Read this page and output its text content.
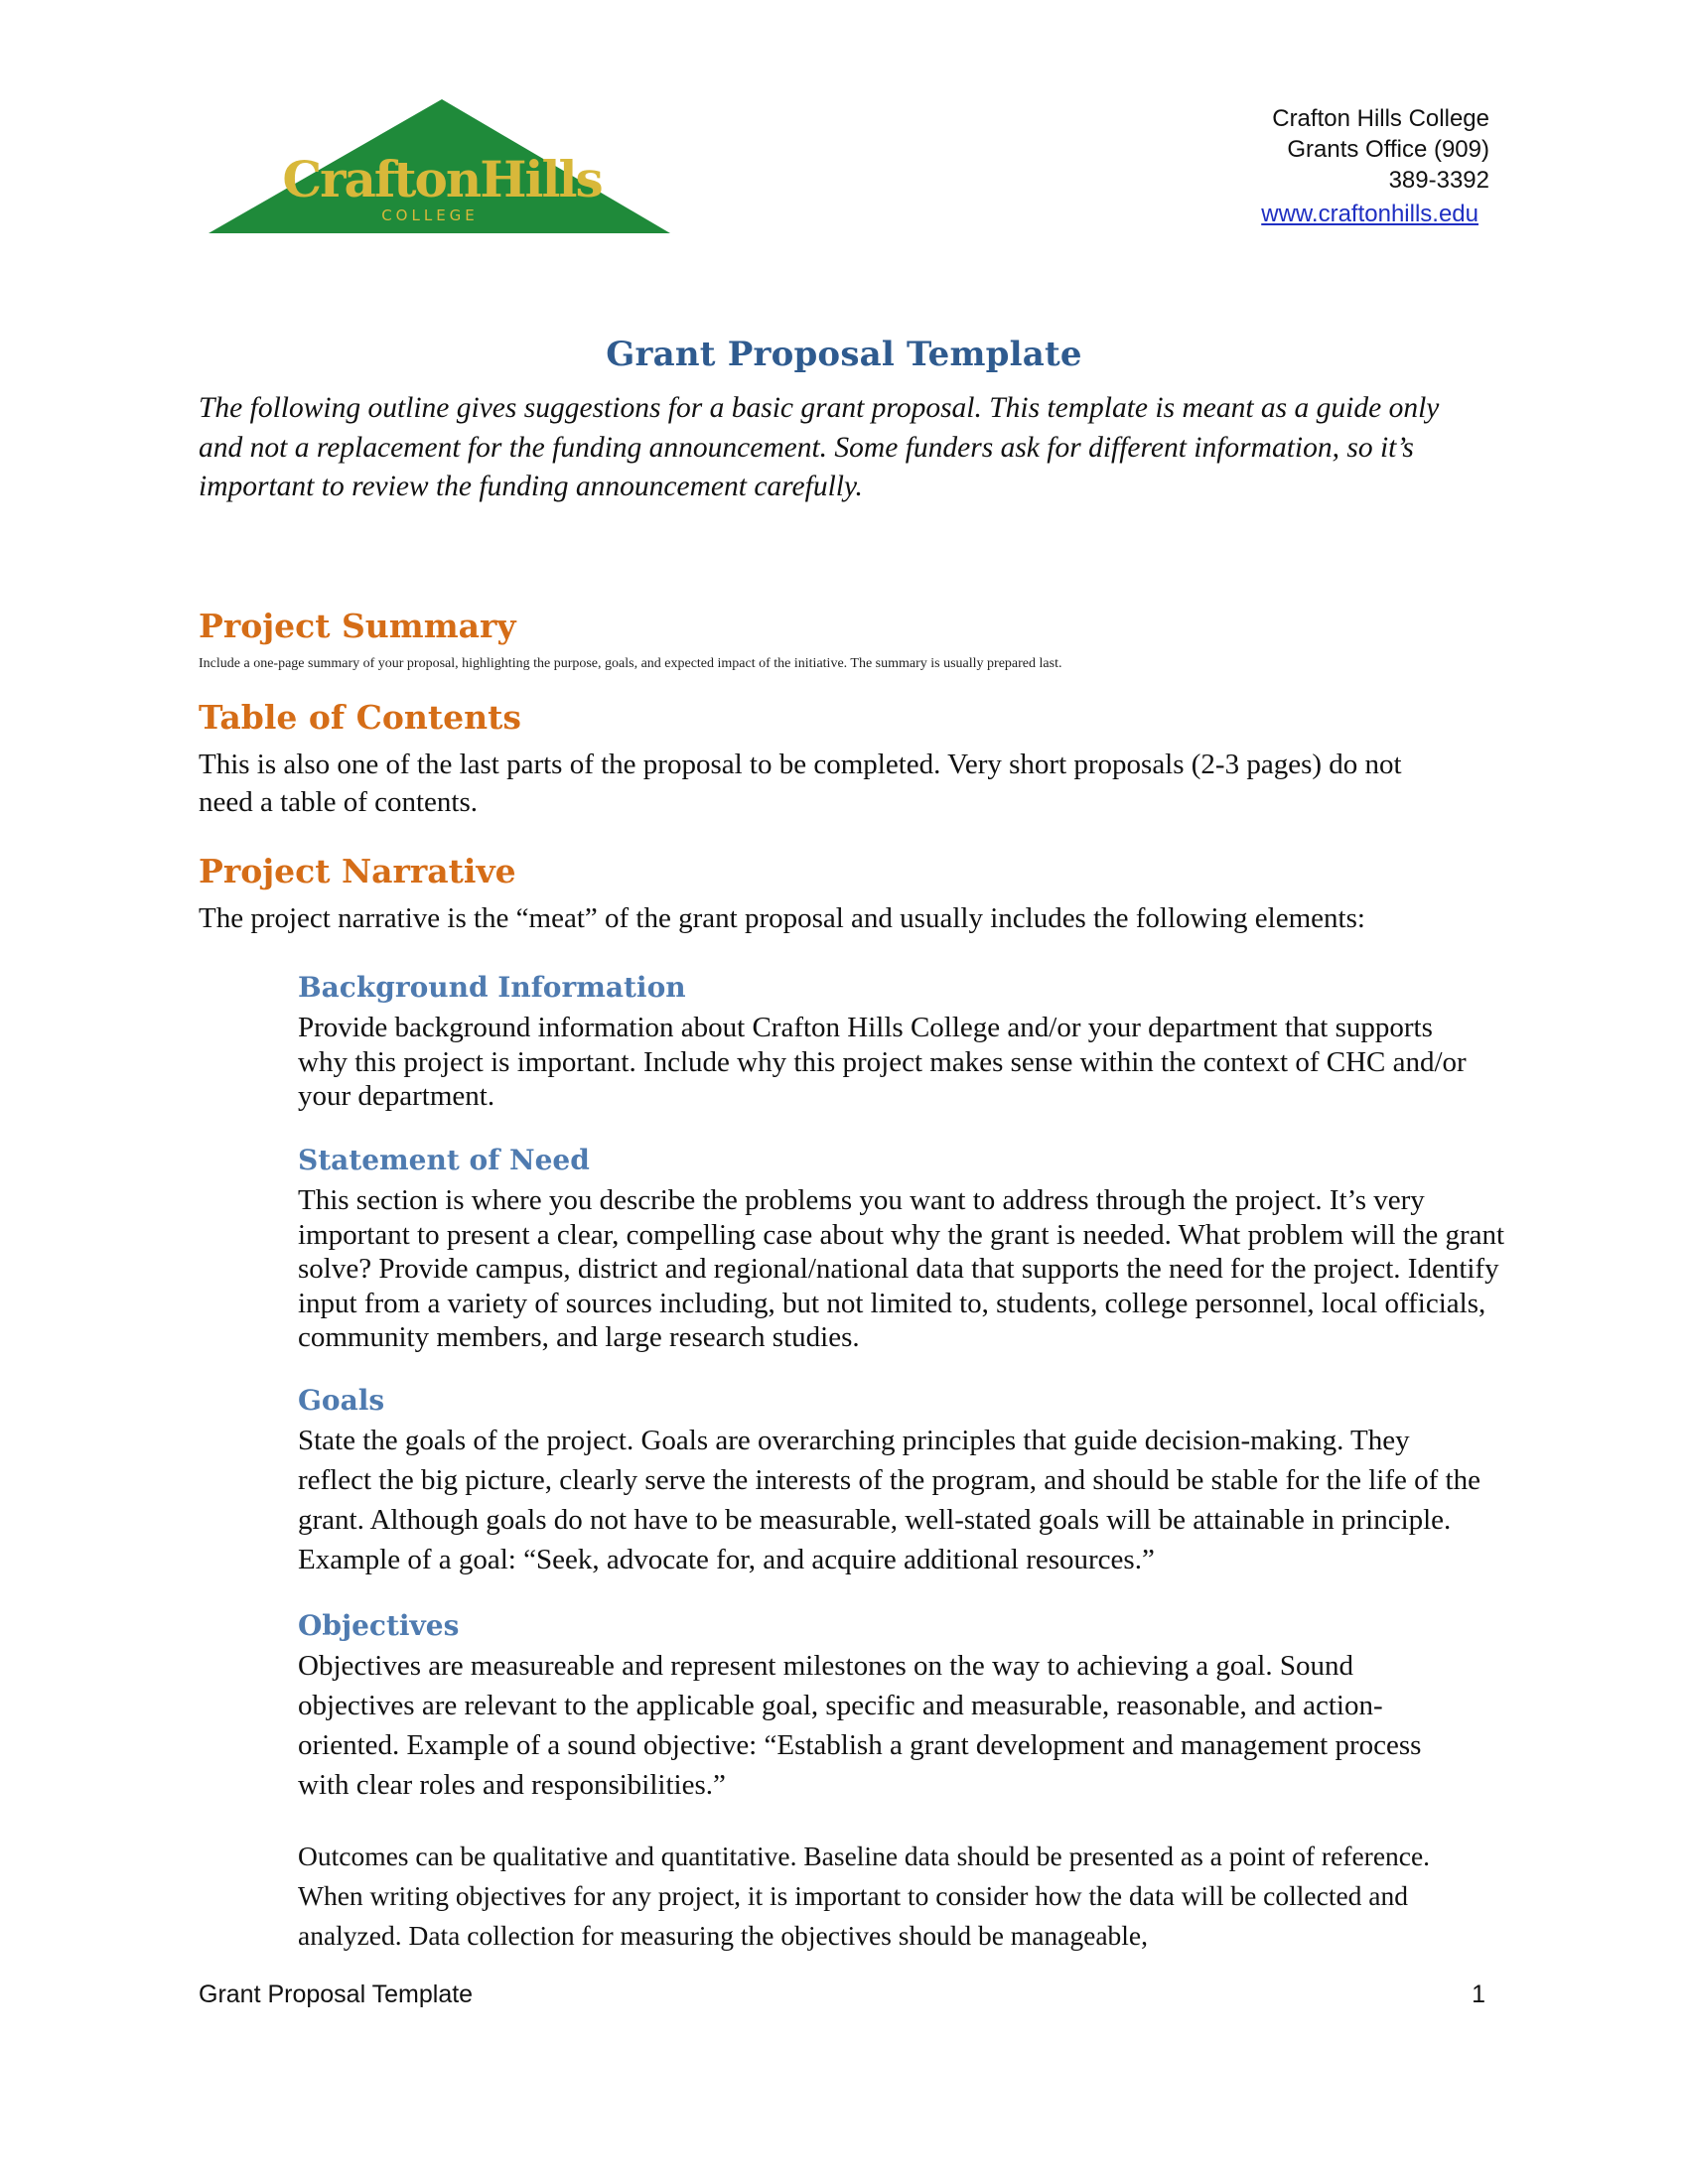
CraftonHills
COLLEGE
Crafton Hills College
Grants Office (909)
389-3392
www.craftonhills.edu
Grant Proposal Template
The following outline gives suggestions for a basic grant proposal. This template is meant as a guide only and not a replacement for the funding announcement. Some funders ask for different information, so it’s important to review the funding announcement carefully.
Project Summary
Include a one-page summary of your proposal, highlighting the purpose, goals, and expected impact of the initiative. The summary is usually prepared last.
Table of Contents
This is also one of the last parts of the proposal to be completed. Very short proposals (2-3 pages) do not need a table of contents.
Project Narrative
The project narrative is the “meat” of the grant proposal and usually includes the following elements:
Background Information
Provide background information about Crafton Hills College and/or your department that supports why this project is important. Include why this project makes sense within the context of CHC and/or your department.
Statement of Need
This section is where you describe the problems you want to address through the project. It’s very important to present a clear, compelling case about why the grant is needed. What problem will the grant solve? Provide campus, district and regional/national data that supports the need for the project. Identify input from a variety of sources including, but not limited to, students, college personnel, local officials, community members, and large research studies.
Goals
State the goals of the project. Goals are overarching principles that guide decision-making. They reflect the big picture, clearly serve the interests of the program, and should be stable for the life of the grant. Although goals do not have to be measurable, well-stated goals will be attainable in principle. Example of a goal: “Seek, advocate for, and acquire additional resources.”
Objectives
Objectives are measureable and represent milestones on the way to achieving a goal. Sound objectives are relevant to the applicable goal, specific and measurable, reasonable, and action-oriented. Example of a sound objective: “Establish a grant development and management process with clear roles and responsibilities.”
Outcomes can be qualitative and quantitative. Baseline data should be presented as a point of reference. When writing objectives for any project, it is important to consider how the data will be collected and analyzed. Data collection for measuring the objectives should be manageable,
Grant Proposal Template	1
